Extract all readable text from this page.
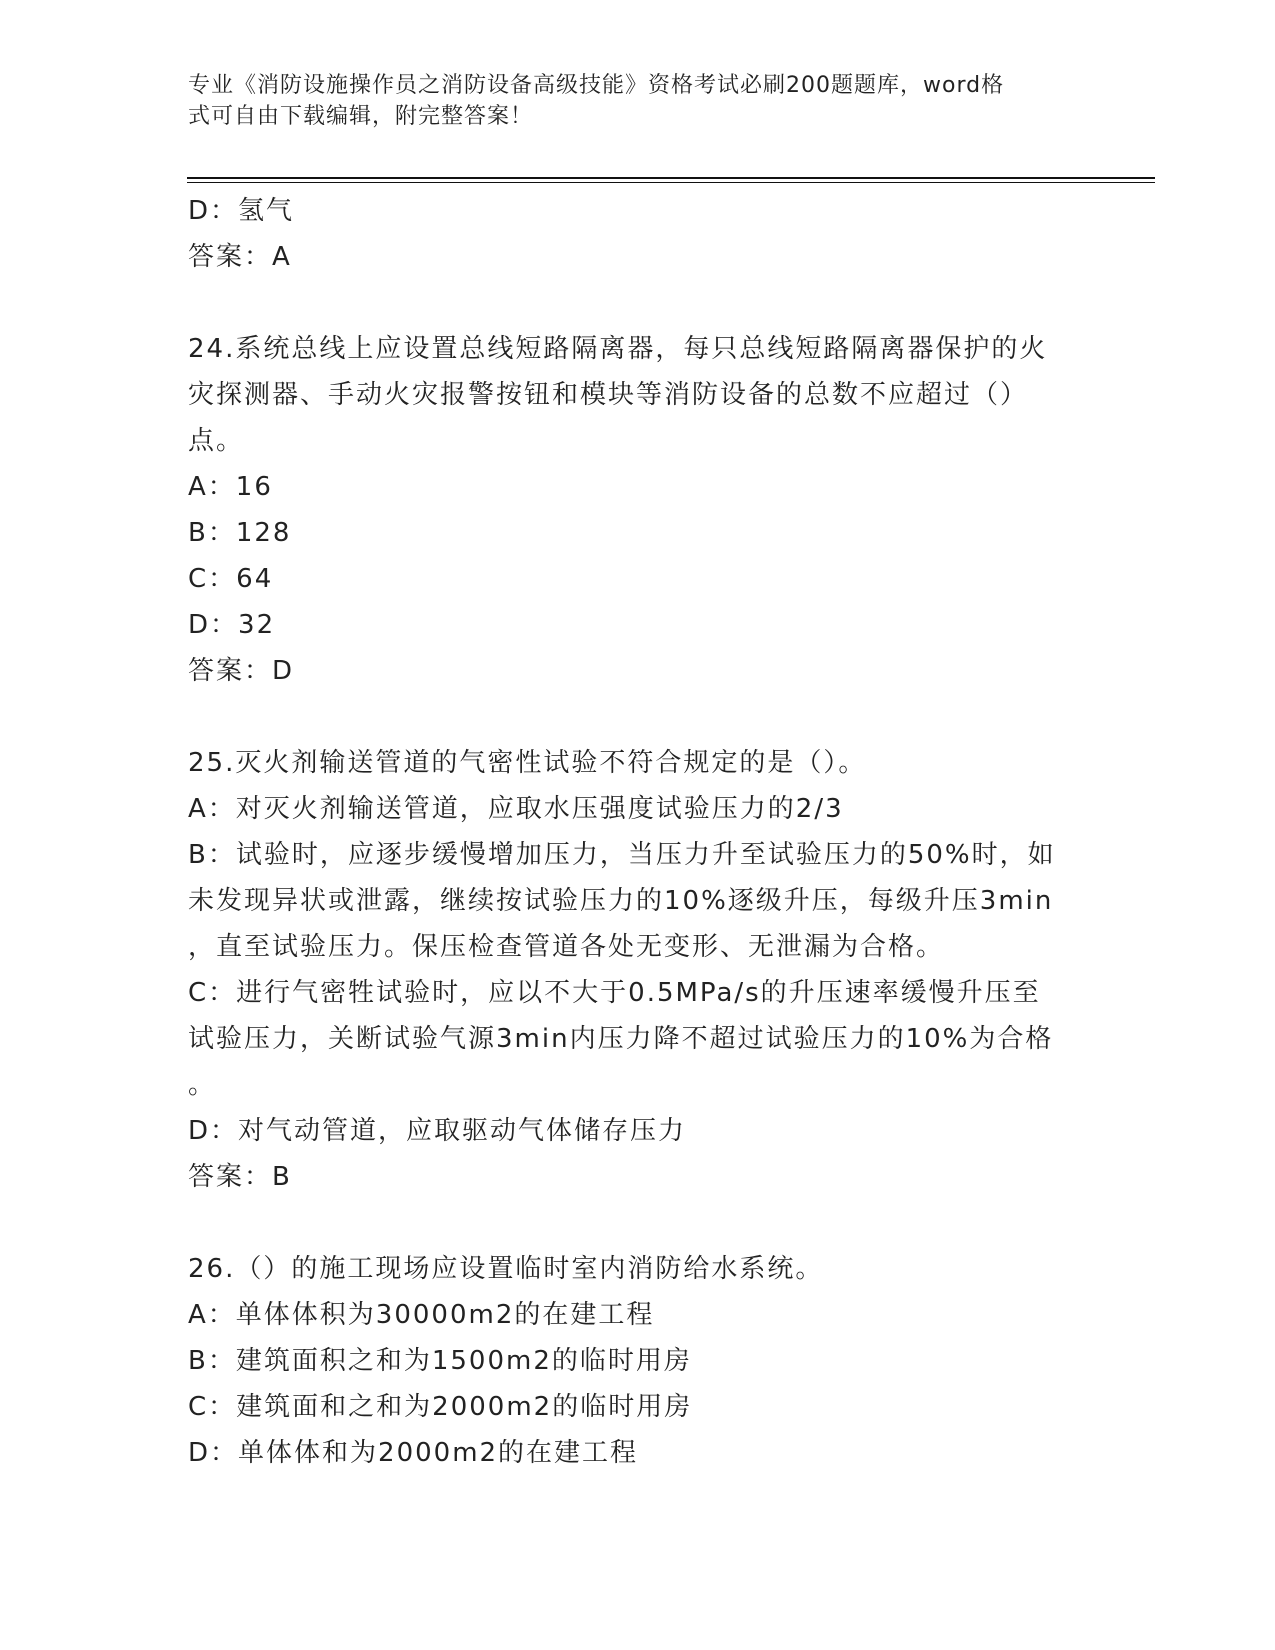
专业《消防设施操作员之消防设备高级技能》资格考试必刷200题题库，word格
式可自由下载编辑，附完整答案！

D：氢气

答案：A

24.系统总线上应设置总线短路隔离器，每只总线短路隔离器保护的火

灾探测器、手动火灾报警按钮和模块等消防设备的总数不应超过（）

点。

A：16

B：128

C：64

D：32

答案：D

25.灭火剂输送管道的气密性试验不符合规定的是（）。

A：对灭火剂输送管道，应取水压强度试验压力的2/3

B：试验时，应逐步缓慢增加压力，当压力升至试验压力的50%时，如

未发现异状或泄露，继续按试验压力的10%逐级升压，每级升压3min

，直至试验压力。保压检查管道各处无变形、无泄漏为合格。

C：进行气密牲试验时，应以不大于0.5MPa/s的升压速率缓慢升压至

试验压力，关断试验气源3min内压力降不超过试验压力的10%为合格

。

D：对气动管道，应取驱动气体储存压力

答案：B

26.（）的施工现场应设置临时室内消防给水系统。

A：单体体积为30000m2的在建工程

B：建筑面积之和为1500m2的临时用房

C：建筑面和之和为2000m2的临时用房

D：单体体和为2000m2的在建工程
